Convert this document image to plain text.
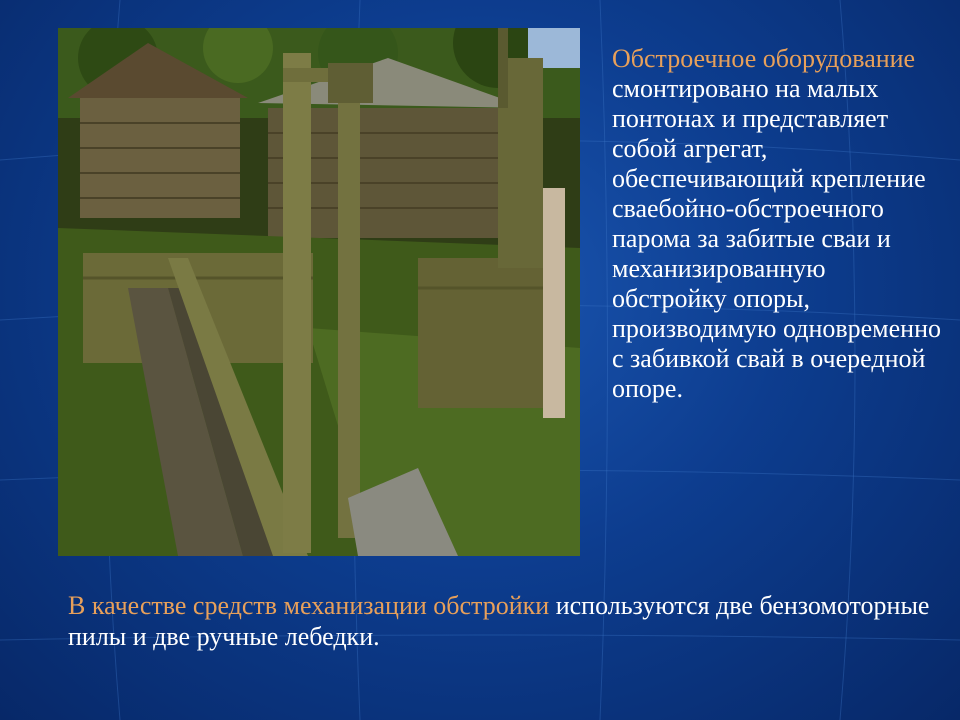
Обстроечное оборудование смонтировано на малых понтонах и представляет собой агрегат, обеспечивающий крепление сваебойно-обстроечного парома за забитые сваи и механизированную обстройку опоры, производимую одновременно с забивкой свай в очередной опоре.
В качестве средств механизации обстройки используются две бензомоторные пилы и две ручные лебедки.
